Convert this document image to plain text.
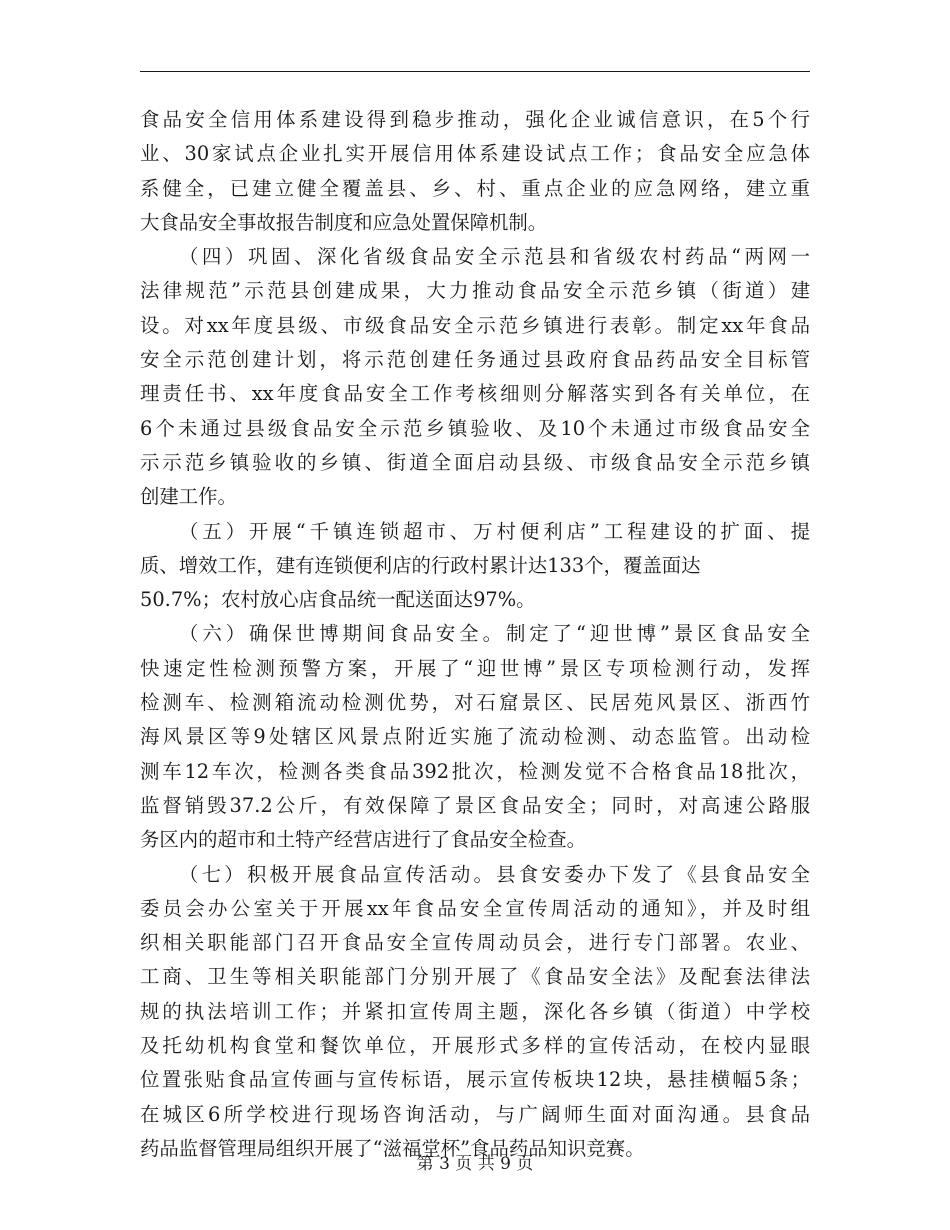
食品安全信用体系建设得到稳步推动，强化企业诚信意识，在5个行
业、30家试点企业扎实开展信用体系建设试点工作；食品安全应急体
系健全，已建立健全覆盖县、乡、村、重点企业的应急网络，建立重
大食品安全事故报告制度和应急处置保障机制。
（四）巩固、深化省级食品安全示范县和省级农村药品“两网一
法律规范”示范县创建成果，大力推动食品安全示范乡镇（街道）建
设。对xx年度县级、市级食品安全示范乡镇进行表彰。制定xx年食品
安全示范创建计划，将示范创建任务通过县政府食品药品安全目标管
理责任书、xx年度食品安全工作考核细则分解落实到各有关单位，在
6个未通过县级食品安全示范乡镇验收、及10个未通过市级食品安全
示示范乡镇验收的乡镇、街道全面启动县级、市级食品安全示范乡镇
创建工作。
（五）开展“千镇连锁超市、万村便利店”工程建设的扩面、提
质、增效工作，建有连锁便利店的行政村累计达133个，覆盖面达
50.7%；农村放心店食品统一配送面达97%。
（六）确保世博期间食品安全。制定了“迎世博”景区食品安全
快速定性检测预警方案，开展了“迎世博”景区专项检测行动，发挥
检测车、检测箱流动检测优势，对石窟景区、民居苑风景区、浙西竹
海风景区等9处辖区风景点附近实施了流动检测、动态监管。出动检
测车12车次，检测各类食品392批次，检测发觉不合格食品18批次，
监督销毁37.2公斤，有效保障了景区食品安全；同时，对高速公路服
务区内的超市和土特产经营店进行了食品安全检查。
（七）积极开展食品宣传活动。县食安委办下发了《县食品安全
委员会办公室关于开展xx年食品安全宣传周活动的通知》，并及时组
织相关职能部门召开食品安全宣传周动员会，进行专门部署。农业、
工商、卫生等相关职能部门分别开展了《食品安全法》及配套法律法
规的执法培训工作；并紧扣宣传周主题，深化各乡镇（街道）中学校
及托幼机构食堂和餐饮单位，开展形式多样的宣传活动，在校内显眼
位置张贴食品宣传画与宣传标语，展示宣传板块12块，悬挂横幅5条；
在城区6所学校进行现场咨询活动，与广阔师生面对面沟通。县食品
药品监督管理局组织开展了“滋福堂杯”食品药品知识竞赛。
第 3 页 共 9 页
